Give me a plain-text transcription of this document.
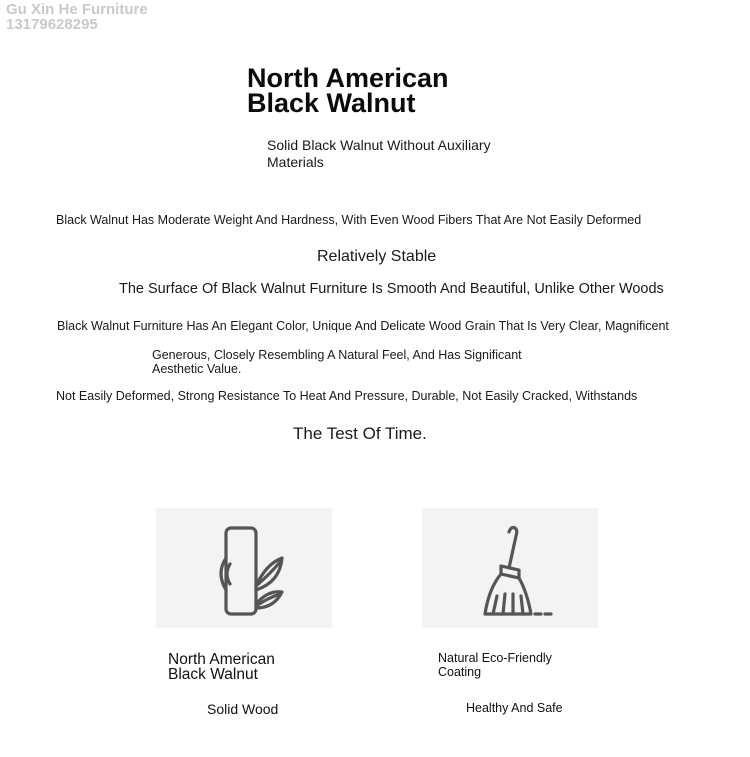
Gu Xin He Furniture
13179628295
North American
Black Walnut
Solid Black Walnut Without Auxiliary Materials
Black Walnut Has Moderate Weight And Hardness, With Even Wood Fibers That Are Not Easily Deformed
Relatively Stable
The Surface Of Black Walnut Furniture Is Smooth And Beautiful, Unlike Other Woods
Black Walnut Furniture Has An Elegant Color, Unique And Delicate Wood Grain That Is Very Clear, Magnificent
Generous, Closely Resembling A Natural Feel, And Has Significant Aesthetic Value.
Not Easily Deformed, Strong Resistance To Heat And Pressure, Durable, Not Easily Cracked, Withstands
The Test Of Time.
North American
Black Walnut
Solid Wood
Natural Eco-Friendly
Coating
Healthy And Safe
